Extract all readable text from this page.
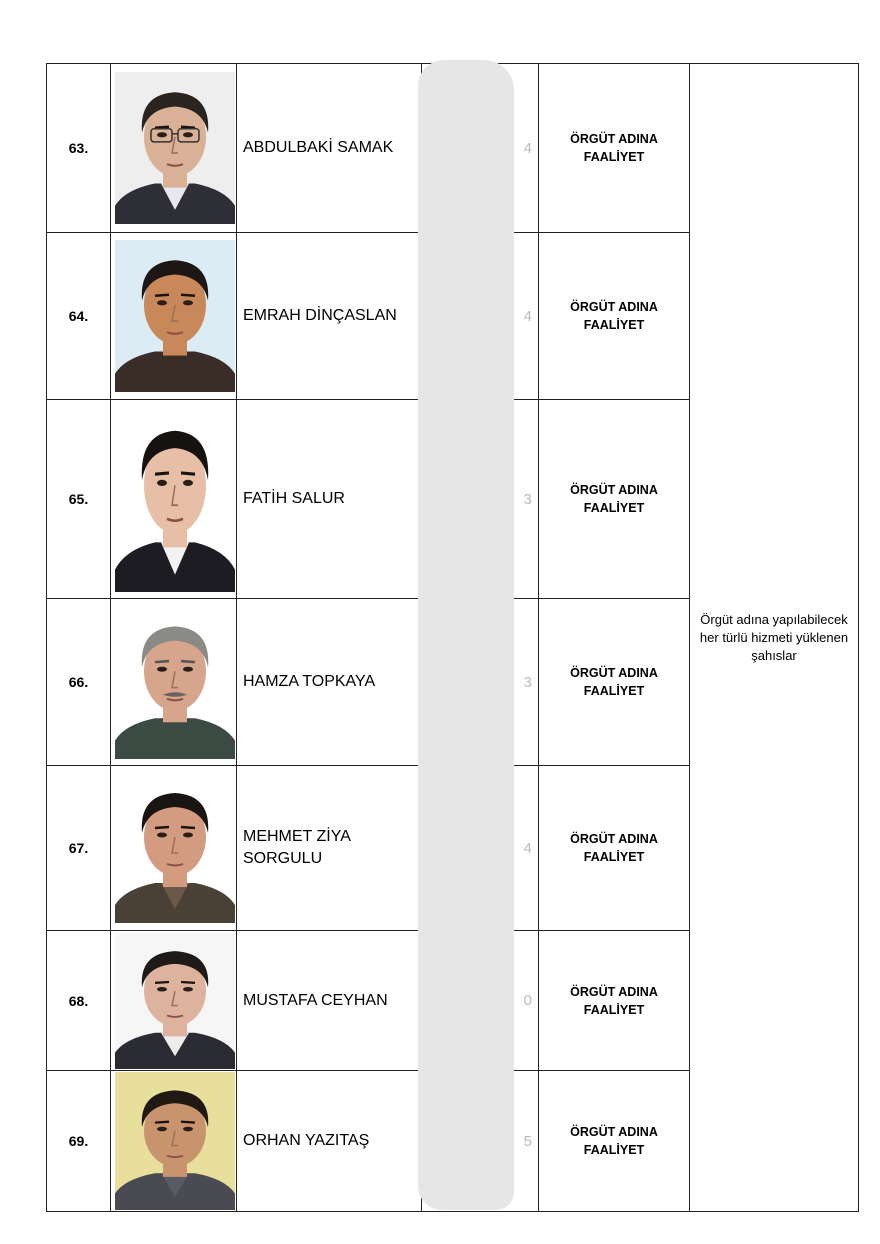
63.		ABDULBAKİ SAMAK	4	ÖRGÜT ADINA FAALİYET	Örgüt adına yapılabilecek her türlü hizmeti yüklenen şahıslar
64.		EMRAH DİNÇASLAN	4	ÖRGÜT ADINA FAALİYET	
65.		FATİH SALUR	3	ÖRGÜT ADINA FAALİYET	
66.		HAMZA TOPKAYA	3	ÖRGÜT ADINA FAALİYET	
67.		MEHMET ZİYA SORGULU	4	ÖRGÜT ADINA FAALİYET	
68.		MUSTAFA CEYHAN	0	ÖRGÜT ADINA FAALİYET	
69.		ORHAN YAZITAŞ	5	ÖRGÜT ADINA FAALİYET	
